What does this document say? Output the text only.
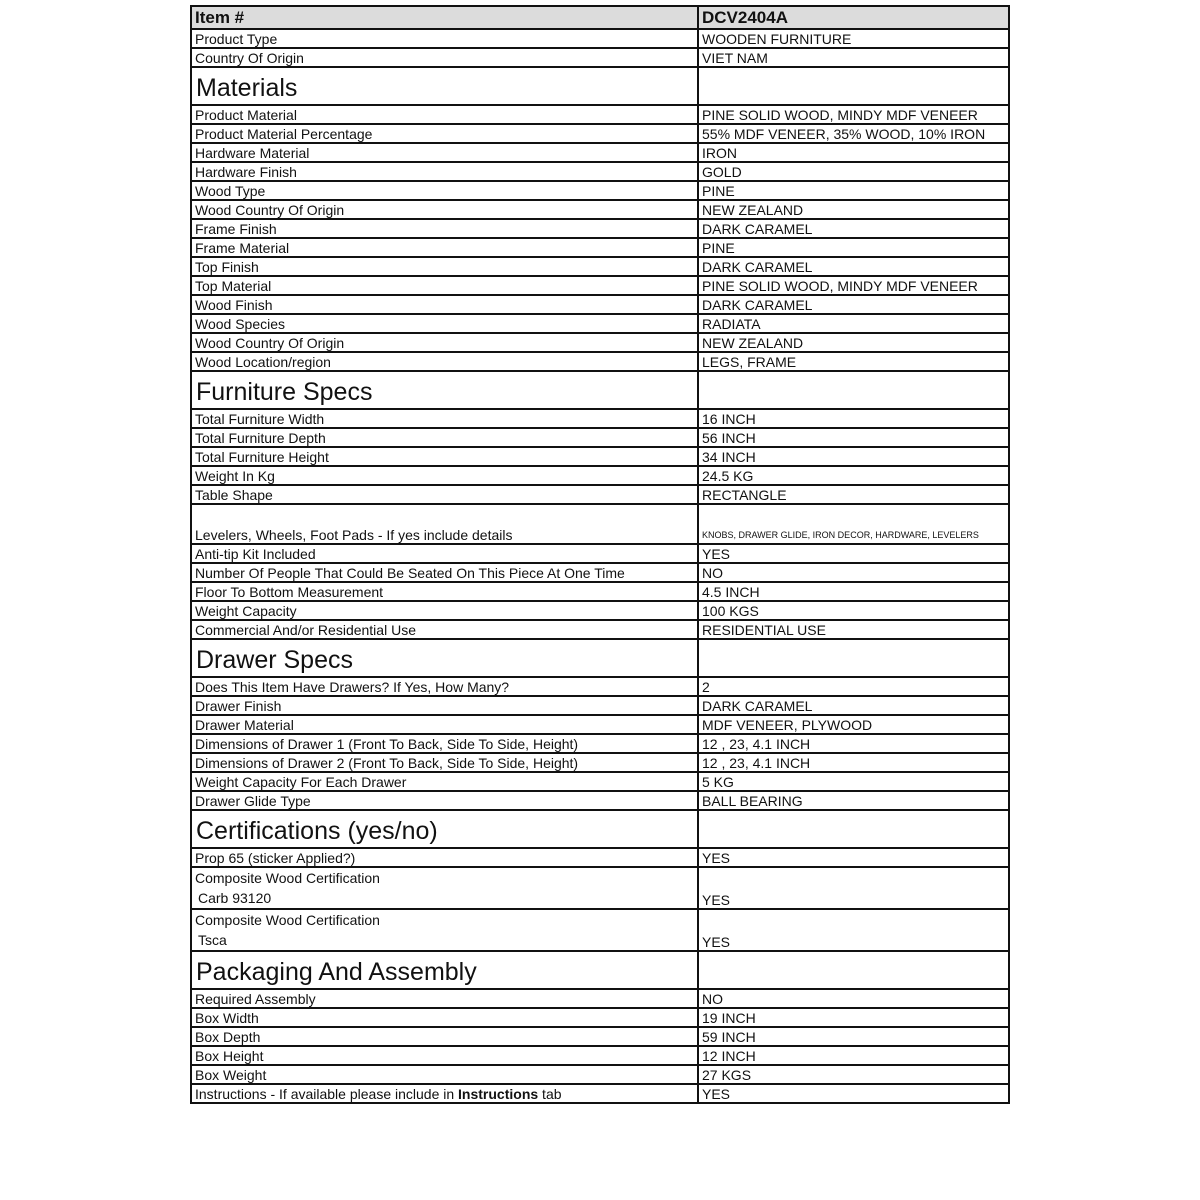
Item #	DCV2404A
Product Type	WOODEN FURNITURE
Country Of Origin	VIET NAM
Materials	
Product Material	PINE SOLID WOOD, MINDY MDF VENEER
Product Material Percentage	55% MDF VENEER, 35% WOOD, 10% IRON
Hardware Material	IRON
Hardware Finish	GOLD
Wood Type	PINE
Wood Country Of Origin	NEW ZEALAND
Frame Finish	DARK CARAMEL
Frame Material	PINE
Top Finish	DARK CARAMEL
Top Material	PINE SOLID WOOD, MINDY MDF VENEER
Wood Finish	DARK CARAMEL
Wood Species	RADIATA
Wood Country Of Origin	NEW ZEALAND
Wood Location/region	LEGS, FRAME
Furniture Specs	
Total Furniture Width	16 INCH
Total Furniture Depth	56 INCH
Total Furniture Height	34 INCH
Weight In Kg	24.5 KG
Table Shape	RECTANGLE
Levelers, Wheels, Foot Pads - If yes include details	KNOBS, DRAWER GLIDE, IRON DECOR, HARDWARE, LEVELERS
Anti-tip Kit Included	YES
Number Of People That Could Be Seated On This Piece At One Time	NO
Floor To Bottom Measurement	4.5 INCH
Weight Capacity	100 KGS
Commercial And/or Residential Use	RESIDENTIAL USE
Drawer Specs	
Does This Item Have Drawers? If Yes, How Many?	2
Drawer Finish	DARK CARAMEL
Drawer Material	MDF VENEER, PLYWOOD
Dimensions of Drawer 1 (Front To Back, Side To Side, Height)	12 , 23, 4.1 INCH
Dimensions of Drawer 2 (Front To Back, Side To Side, Height)	12 , 23, 4.1 INCH
Weight Capacity For Each Drawer	5 KG
Drawer Glide Type	BALL BEARING
Certifications (yes/no)	
Prop 65 (sticker Applied?)	YES

Composite Wood Certification
Carb 93120	YES

Composite Wood Certification
Tsca	YES
Packaging And Assembly	
Required Assembly	NO
Box Width	19 INCH
Box Depth	59 INCH
Box Height	12 INCH
Box Weight	27 KGS
Instructions - If available please include in Instructions tab	YES
